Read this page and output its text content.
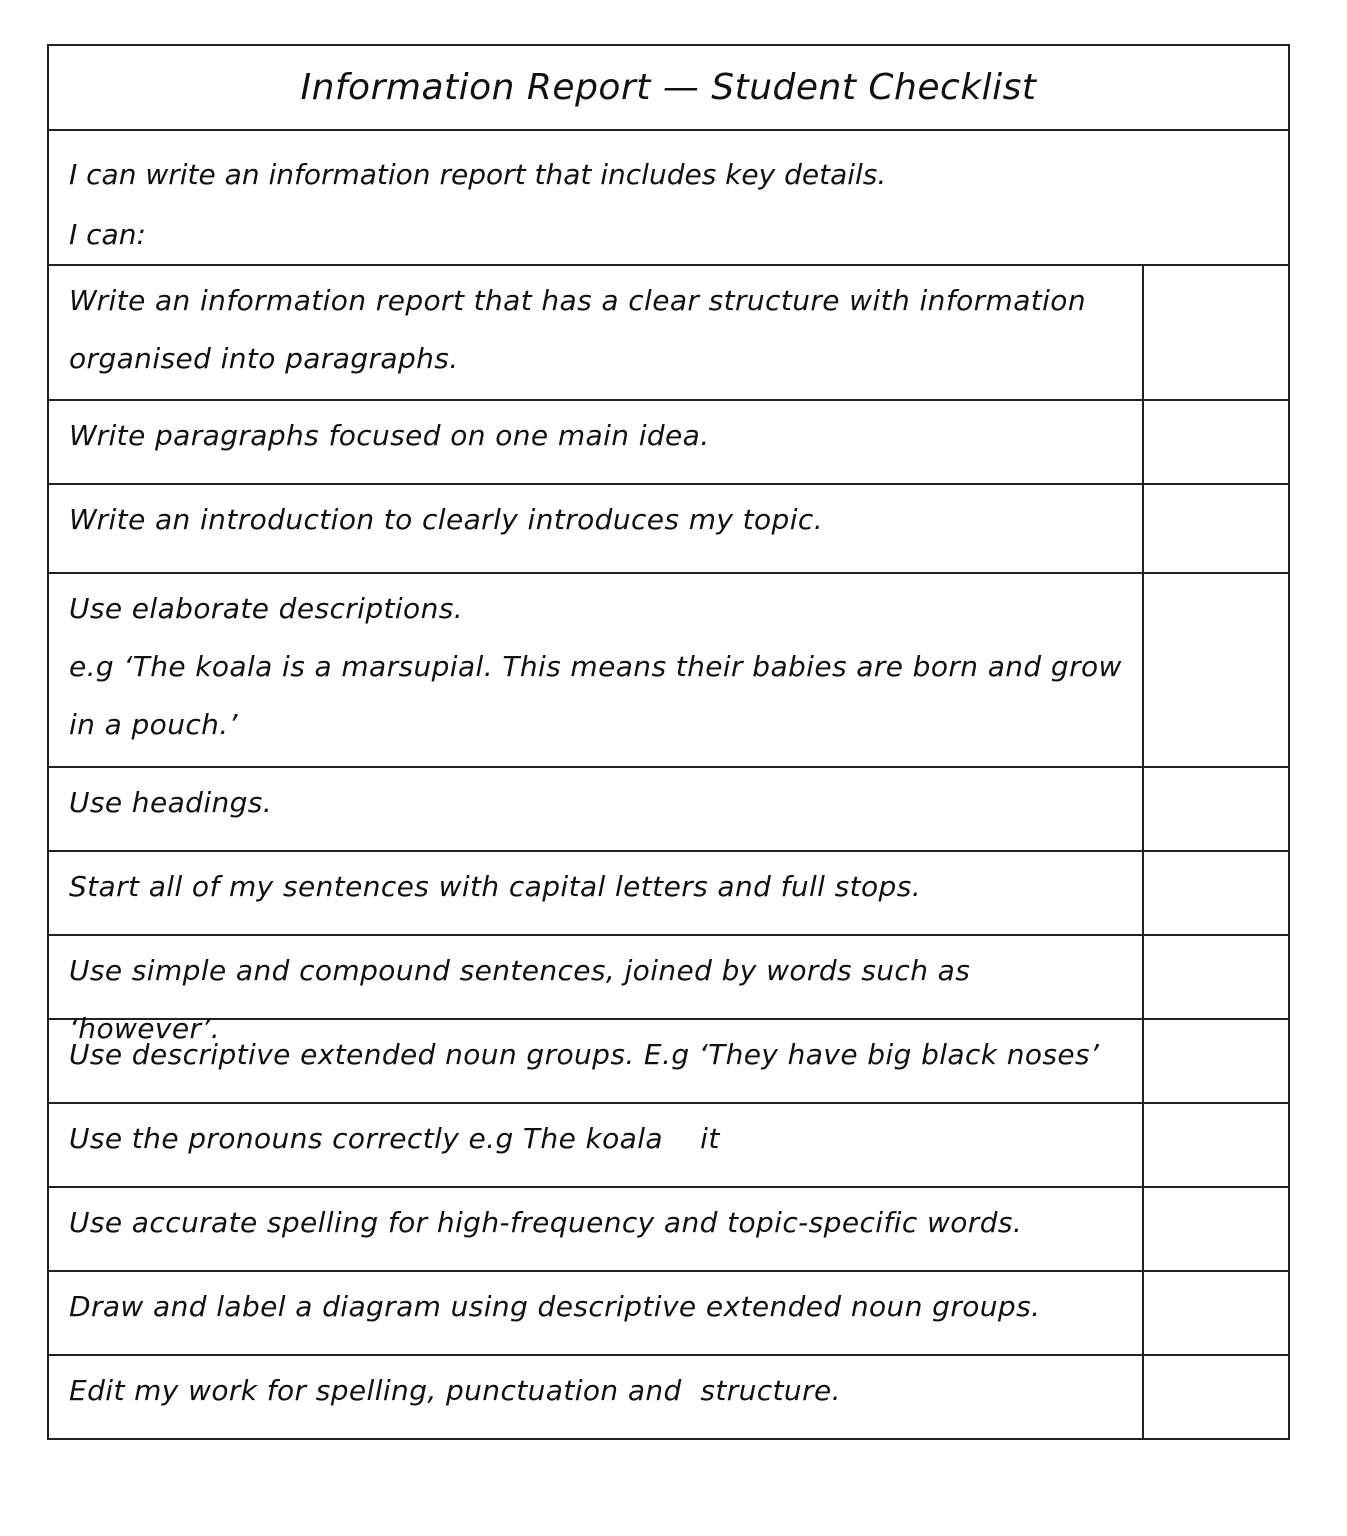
Information Report — Student Checklist
I can write an information report that includes key details.
I can:
Write an information report that has a clear structure with information
organised into paragraphs.
Write paragraphs focused on one main idea.
Write an introduction to clearly introduces my topic.
Use elaborate descriptions.
e.g ‘The koala is a marsupial. This means their babies are born and grow
in a pouch.’
Use headings.
Start all of my sentences with capital letters and full stops.
Use simple and compound sentences, joined by words such as ‘however’.
Use descriptive extended noun groups. E.g ‘They have big black noses’
Use the pronouns correctly e.g The koala    it
Use accurate spelling for high-frequency and topic-specific words.
Draw and label a diagram using descriptive extended noun groups.
Edit my work for spelling, punctuation and  structure.
